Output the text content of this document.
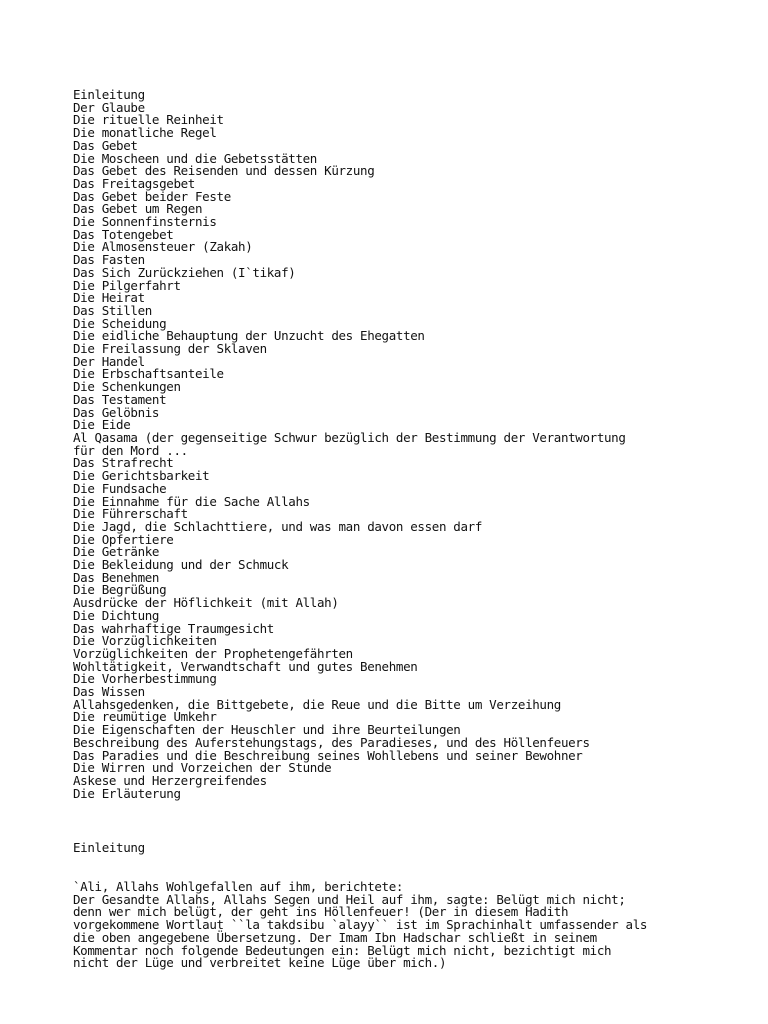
Einleitung
Der Glaube
Die rituelle Reinheit
Die monatliche Regel
Das Gebet
Die Moscheen und die Gebetsstätten
Das Gebet des Reisenden und dessen Kürzung
Das Freitagsgebet
Das Gebet beider Feste
Das Gebet um Regen
Die Sonnenfinsternis
Das Totengebet
Die Almosensteuer (Zakah)
Das Fasten
Das Sich Zurückziehen (I`tikaf)
Die Pilgerfahrt
Die Heirat
Das Stillen
Die Scheidung
Die eidliche Behauptung der Unzucht des Ehegatten
Die Freilassung der Sklaven
Der Handel
Die Erbschaftsanteile
Die Schenkungen
Das Testament
Das Gelöbnis
Die Eide
Al Qasama (der gegenseitige Schwur bezüglich der Bestimmung der Verantwortung
für den Mord ...
Das Strafrecht
Die Gerichtsbarkeit
Die Fundsache
Die Einnahme für die Sache Allahs
Die Führerschaft
Die Jagd, die Schlachttiere, und was man davon essen darf
Die Opfertiere
Die Getränke
Die Bekleidung und der Schmuck
Das Benehmen
Die Begrüßung
Ausdrücke der Höflichkeit (mit Allah)
Die Dichtung
Das wahrhaftige Traumgesicht
Die Vorzüglichkeiten
Vorzüglichkeiten der Prophetengefährten
Wohltätigkeit, Verwandtschaft und gutes Benehmen
Die Vorherbestimmung
Das Wissen
Allahsgedenken, die Bittgebete, die Reue und die Bitte um Verzeihung
Die reumütige Umkehr
Die Eigenschaften der Heuschler und ihre Beurteilungen
Beschreibung des Auferstehungstags, des Paradieses, und des Höllenfeuers
Das Paradies und die Beschreibung seines Wohllebens und seiner Bewohner
Die Wirren und Vorzeichen der Stunde
Askese und Herzergreifendes
Die Erläuterung
Einleitung
`Ali, Allahs Wohlgefallen auf ihm, berichtete:
Der Gesandte Allahs, Allahs Segen und Heil auf ihm, sagte: Belügt mich nicht;
denn wer mich belügt, der geht ins Höllenfeuer! (Der in diesem Hadith
vorgekommene Wortlaut ``la takdsibu `alayy`` ist im Sprachinhalt umfassender als
die oben angegebene Übersetzung. Der Imam Ibn Hadschar schließt in seinem
Kommentar noch folgende Bedeutungen ein: Belügt mich nicht, bezichtigt mich
nicht der Lüge und verbreitet keine Lüge über mich.)
